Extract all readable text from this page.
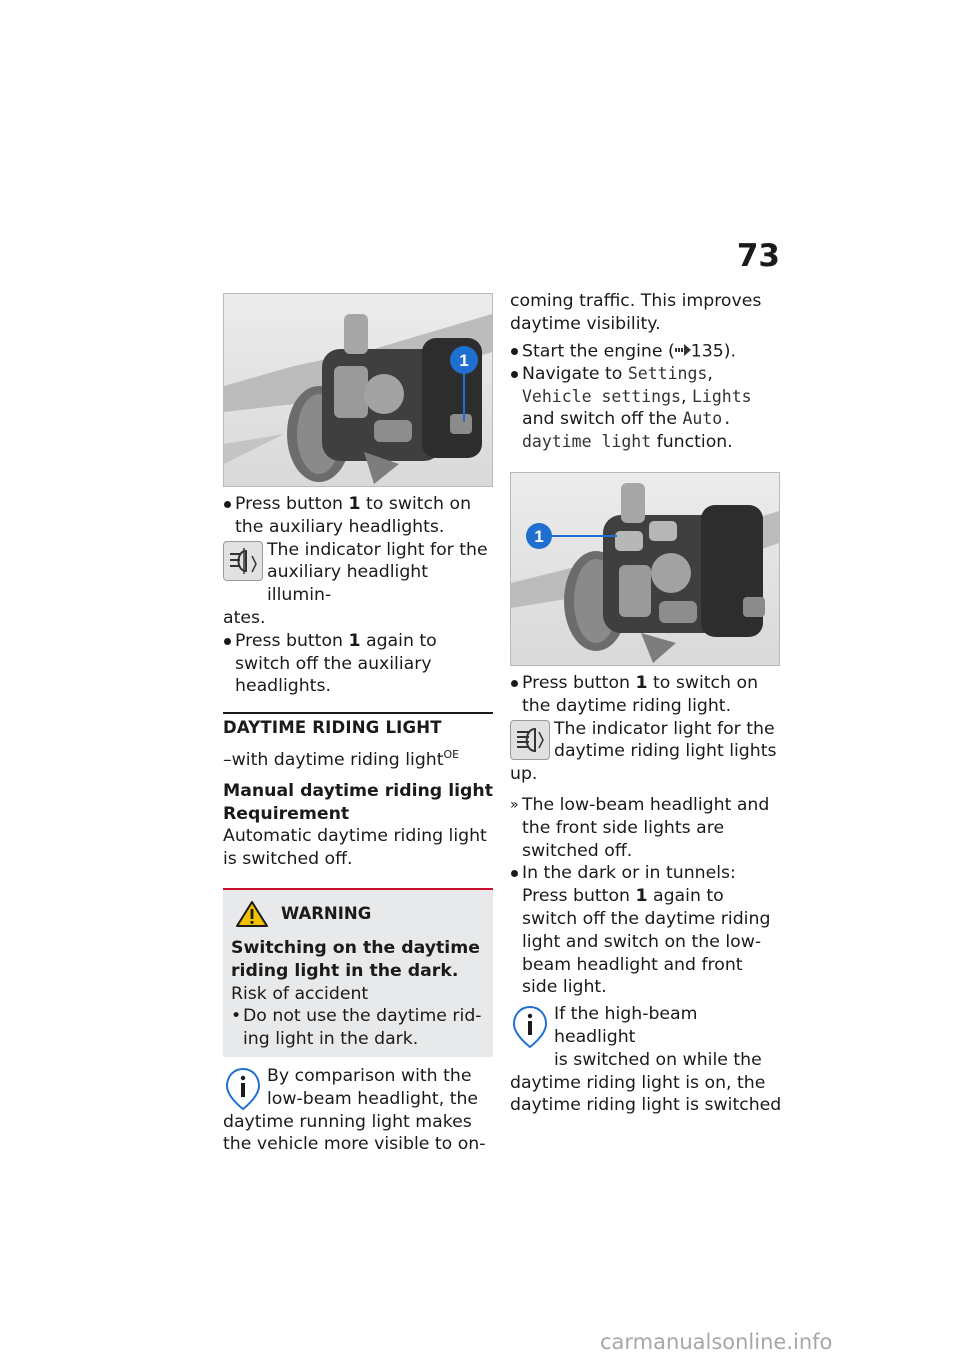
73
1
Press button 1 to switch on the auxiliary headlights.
The indicator light for the
auxiliary headlight illumin-
ates.
Press button 1 again to switch off the auxiliary headlights.
DAYTIME RIDING LIGHT
–with daytime riding light$^{OE}$
Manual daytime riding light
Requirement
Automatic daytime riding light is switched off.
WARNING
Switching on the daytime riding light in the dark.
Risk of accident
• Do not use the daytime rid-ing light in the dark.
By comparison with the
low-beam headlight, the
daytime running light makes the vehicle more visible to on-
coming traffic. This improves daytime visibility.
Start the engine ( 135).
Navigate to Settings, Vehicle settings, Lights and switch off the Auto. daytime light function.
1
Press button 1 to switch on the daytime riding light.
The indicator light for the
daytime riding light lights
up.
» The low-beam headlight and the front side lights are switched off.
In the dark or in tunnels: Press button 1 again to switch off the daytime riding light and switch on the low-beam headlight and front side light.
If the high-beam headlight
is switched on while the
daytime riding light is on, the daytime riding light is switched
carmanualsonline.info
